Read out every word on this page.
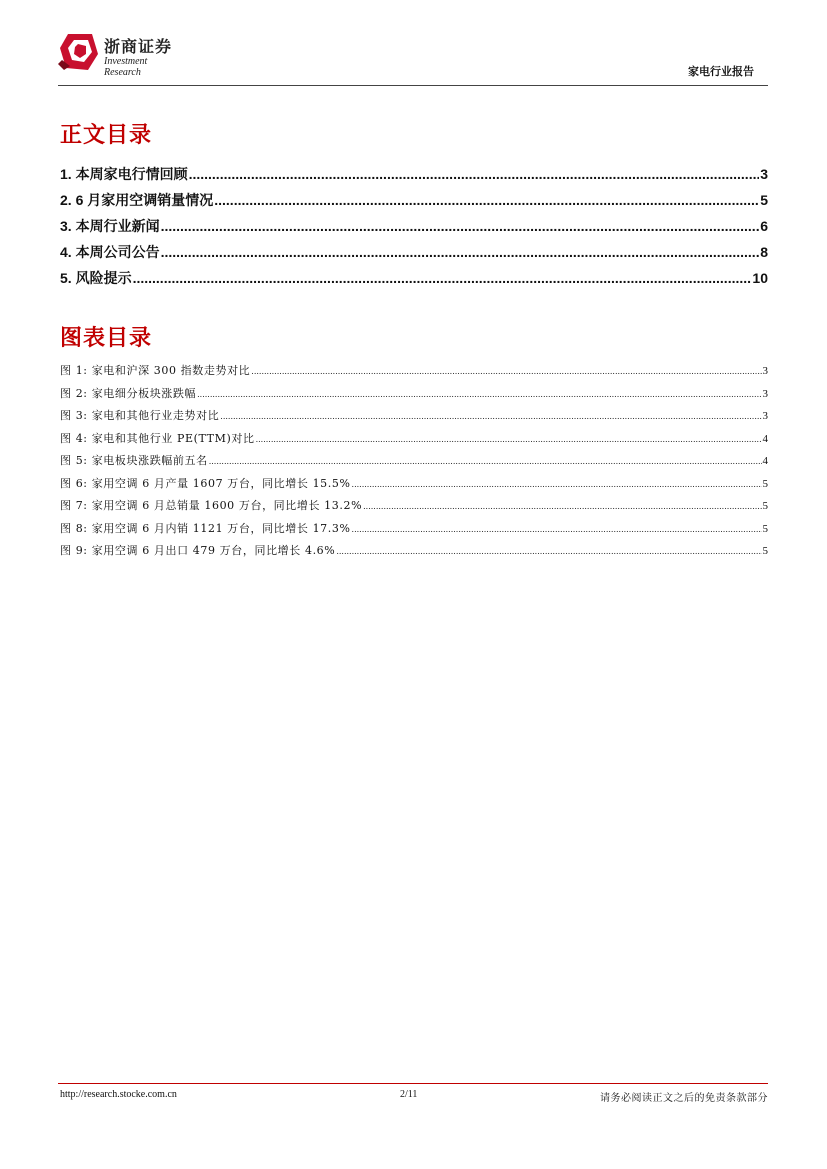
浙商证券
Investment Research	家电行业报告
正文目录
1. 本周家电行情回顾 .....	3
2. 6 月家用空调销量情况 .....	5
3. 本周行业新闻 .....	6
4. 本周公司公告 .....	8
5. 风险提示 .....	10
图表目录
图 1: 家电和沪深 300 指数走势对比 .....	3
图 2: 家电细分板块涨跌幅 .....	3
图 3: 家电和其他行业走势对比 .....	3
图 4: 家电和其他行业 PE(TTM)对比 .....	4
图 5: 家电板块涨跌幅前五名 .....	4
图 6: 家用空调 6 月产量 1607 万台，同比增长 15.5% .....	5
图 7: 家用空调 6 月总销量 1600 万台，同比增长 13.2% .....	5
图 8: 家用空调 6 月内销 1121 万台，同比增长 17.3% .....	5
图 9: 家用空调 6 月出口 479 万台，同比增长 4.6% .....	5
http://research.stocke.com.cn	2/11	请务必阅读正文之后的免责条款部分
